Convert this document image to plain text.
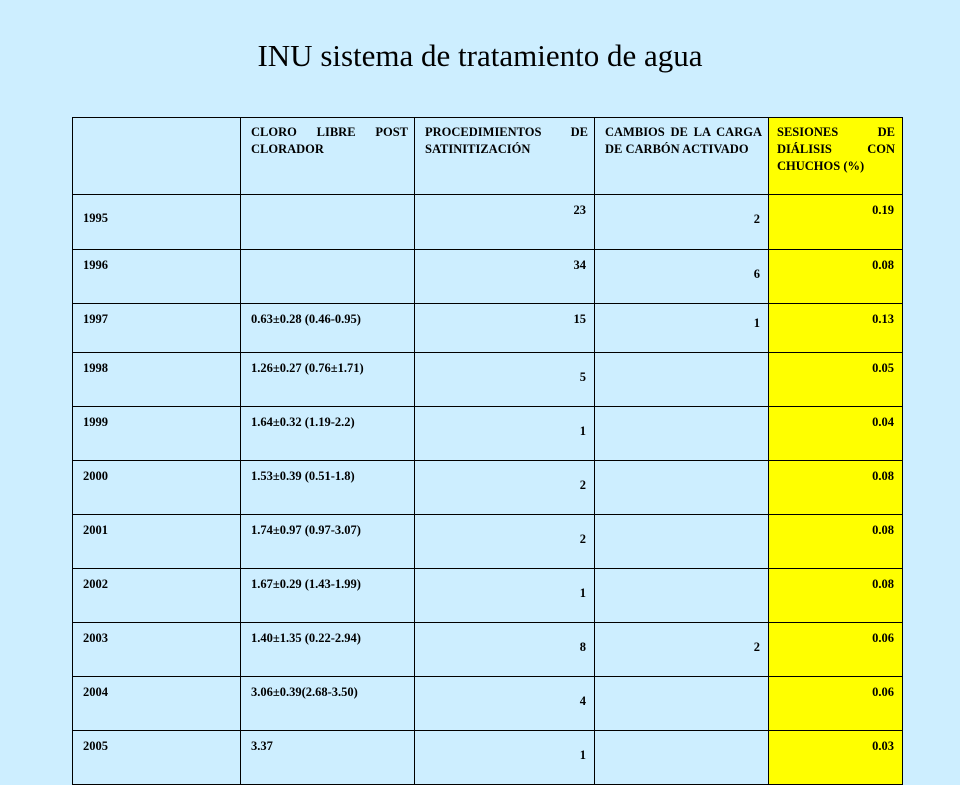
INU sistema de tratamiento de agua
	CLORO LIBRE POST CLORADOR	PROCEDIMIENTOS DE SATINITIZACIÓN	CAMBIOS DE LA CARGA DE CARBÓN ACTIVADO	SESIONES DE DIÁLISIS CON CHUCHOS (%)
1995		23	2	0.19
1996		34	6	0.08
1997	0.63±0.28 (0.46-0.95)	15	1	0.13
1998	1.26±0.27 (0.76±1.71)	5		0.05
1999	1.64±0.32 (1.19-2.2)	1		0.04
2000	1.53±0.39 (0.51-1.8)	2		0.08
2001	1.74±0.97 (0.97-3.07)	2		0.08
2002	1.67±0.29 (1.43-1.99)	1		0.08
2003	1.40±1.35 (0.22-2.94)	8	2	0.06
2004	3.06±0.39(2.68-3.50)	4		0.06
2005	3.37	1		0.03
